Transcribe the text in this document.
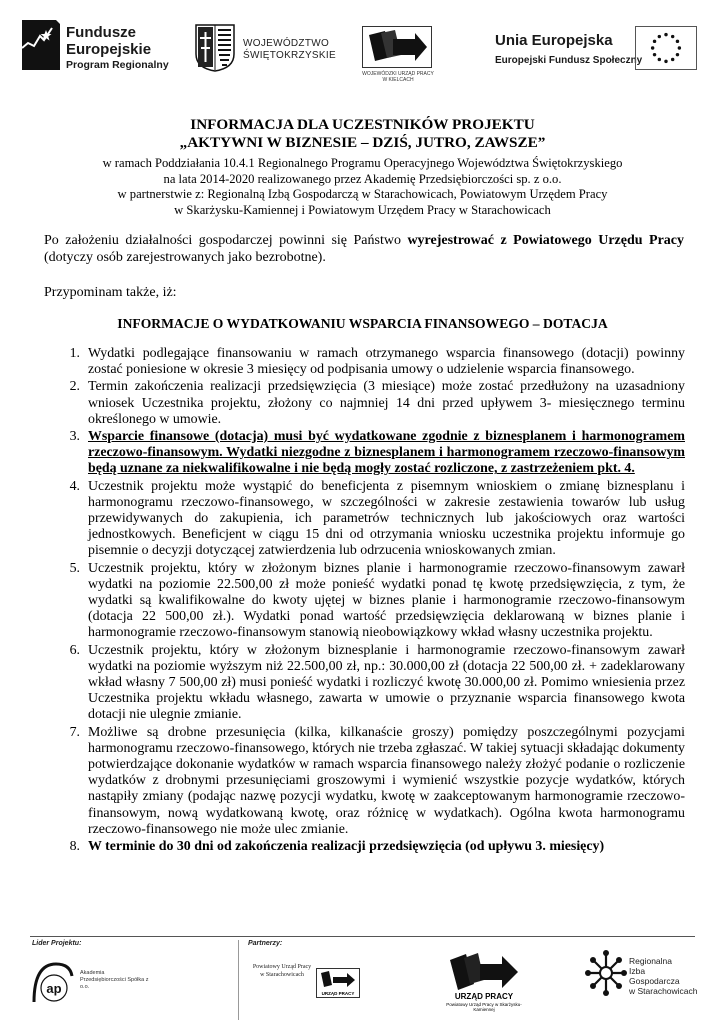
Fundusze
Europejskie
Program Regionalny
WOJEWÓDZTWO
ŚWIĘTOKRZYSKIE
WOJEWÓDZKI URZĄD PRACY W KIELCACH
Unia Europejska
Europejski Fundusz Społeczny
INFORMACJA DLA UCZESTNIKÓW PROJEKTU
„AKTYWNI W BIZNESIE – DZIŚ, JUTRO, ZAWSZE”
w ramach Poddziałania 10.4.1 Regionalnego Programu Operacyjnego Województwa Świętokrzyskiego
na lata 2014-2020 realizowanego przez Akademię Przedsiębiorczości sp. z o.o.
w partnerstwie z: Regionalną Izbą Gospodarczą w Starachowicach, Powiatowym Urzędem Pracy
w Skarżysku-Kamiennej i Powiatowym Urzędem Pracy w Starachowicach
Po założeniu działalności gospodarczej powinni się Państwo wyrejestrować z Powiatowego Urzędu Pracy (dotyczy osób zarejestrowanych jako bezrobotne).
Przypominam także, iż:
INFORMACJE O WYDATKOWANIU WSPARCIA FINANSOWEGO – DOTACJA
1. Wydatki podlegające finansowaniu w ramach otrzymanego wsparcia finansowego (dotacji) powinny zostać poniesione w okresie 3 miesięcy od podpisania umowy o udzielenie wsparcia finansowego.
2. Termin zakończenia realizacji przedsięwzięcia (3 miesiące) może zostać przedłużony na uzasadniony wniosek Uczestnika projektu, złożony co najmniej 14 dni przed upływem 3- miesięcznego terminu określonego w umowie.
3. Wsparcie finansowe (dotacja) musi być wydatkowane zgodnie z biznesplanem i harmonogramem rzeczowo-finansowym. Wydatki niezgodne z biznesplanem i harmonogramem rzeczowo-finansowym będą uznane za niekwalifikowalne i nie będą mogły zostać rozliczone, z zastrzeżeniem pkt. 4.
4. Uczestnik projektu może wystąpić do beneficjenta z pisemnym wnioskiem o zmianę biznesplanu i harmonogramu rzeczowo-finansowego, w szczególności w zakresie zestawienia towarów lub usług przewidywanych do zakupienia, ich parametrów technicznych lub jakościowych oraz wartości jednostkowych. Beneficjent w ciągu 15 dni od otrzymania wniosku uczestnika projektu informuje go pisemnie o decyzji dotyczącej zatwierdzenia lub odrzucenia wnioskowanych zmian.
5. Uczestnik projektu, który w złożonym biznes planie i harmonogramie rzeczowo-finansowym zawarł wydatki na poziomie 22.500,00 zł może ponieść wydatki ponad tę kwotę przedsięwzięcia, z tym, że wydatki są kwalifikowalne do kwoty ujętej w biznes planie i harmonogramie rzeczowo-finansowym (dotacja 22 500,00 zł.). Wydatki ponad wartość przedsięwzięcia deklarowaną w biznes planie i harmonogramie rzeczowo-finansowym stanowią nieobowiązkowy wkład własny uczestnika projektu.
6. Uczestnik projektu, który w złożonym biznesplanie i harmonogramie rzeczowo-finansowym zawarł wydatki na poziomie wyższym niż 22.500,00 zł, np.: 30.000,00 zł (dotacja 22 500,00 zł. + zadeklarowany wkład własny 7 500,00 zł) musi ponieść wydatki i rozliczyć kwotę 30.000,00 zł. Pomimo wniesienia przez Uczestnika projektu wkładu własnego, zawarta w umowie o przyznanie wsparcia finansowego kwota dotacji nie ulegnie zmianie.
7. Możliwe są drobne przesunięcia (kilka, kilkanaście groszy) pomiędzy poszczególnymi pozycjami harmonogramu rzeczowo-finansowego, których nie trzeba zgłaszać. W takiej sytuacji składając dokumenty potwierdzające dokonanie wydatków w ramach wsparcia finansowego należy złożyć podanie o rozliczenie wydatków z drobnymi przesunięciami groszowymi i wymienić wszystkie pozycje wydatków, których nastąpiły zmiany (podając nazwę pozycji wydatku, kwotę w zaakceptowanym harmonogramie rzeczowo-finansowym, nową wydatkowaną kwotę, oraz różnicę w wydatkach). Ogólna kwota harmonogramu rzeczowo-finansowego nie może ulec zmianie.
8. W terminie do 30 dni od zakończenia realizacji przedsięwzięcia (od upływu 3. miesięcy)
Lider Projektu:	Partnerzy:
ap
Akademia Przedsiębiorczości Spółka z o.o.
Powiatowy Urząd Pracy
w Starachowicach
URZĄD PRACY	URZĄD PRACY
Powiatowy Urząd Pracy w Skarżysku-Kamiennej
Regionalna
Izba
Gospodarcza
w Starachowicach
